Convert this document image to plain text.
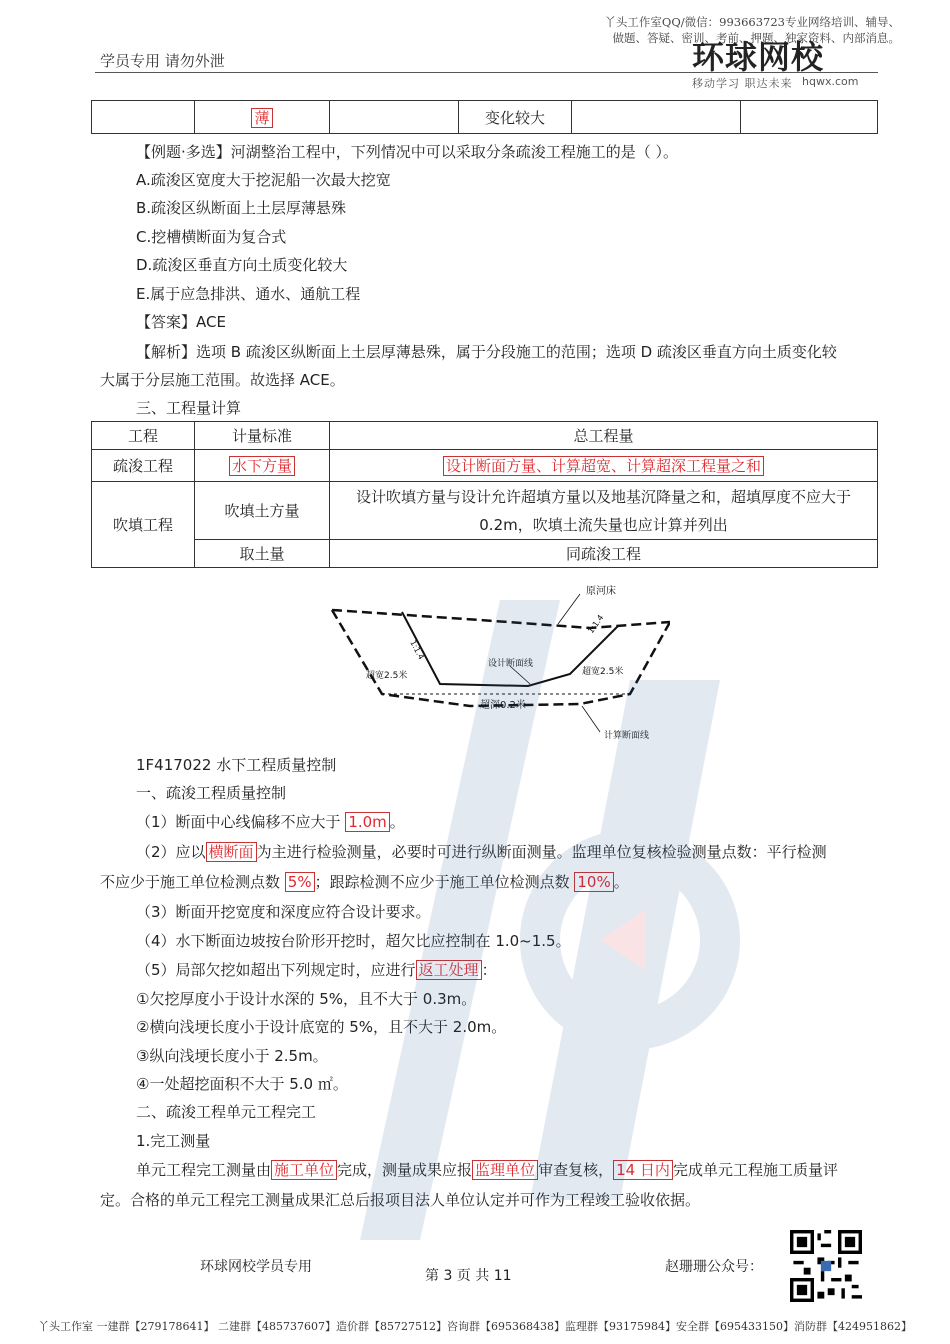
学员专用 请勿外泄
丫头工作室QQ/微信：993663723专业网络培训、辅导、
做题、答疑、密训、考前、押题、独家资料、内部消息。
环球网校
移动学习 职达未来 hqwx.com
	薄		变化较大		
【例题·多选】河湖整治工程中，下列情况中可以采取分条疏浚工程施工的是（ ）。
A.疏浚区宽度大于挖泥船一次最大挖宽
B.疏浚区纵断面上土层厚薄悬殊
C.挖槽横断面为复合式
D.疏浚区垂直方向土质变化较大
E.属于应急排洪、通水、通航工程
【答案】ACE
【解析】选项 B 疏浚区纵断面上土层厚薄悬殊，属于分段施工的范围；选项 D 疏浚区垂直方向土质变化较
大属于分层施工范围。故选择 ACE。
三、工程量计算
工程	计量标准	总工程量
疏浚工程	水下方量	设计断面方量、计算超宽、计算超深工程量之和
吹填工程	吹填土方量	设计吹填方量与设计允许超填方量以及地基沉降量之和，超填厚度不应大于
0.2m，吹填土流失量也应计算并列出

	取土量	同疏浚工程
原河床
1:1.4
1:1.4
设计断面线
超宽2.5米	超宽2.5米
超深0.2米
计算断面线
1F417022 水下工程质量控制
一、疏浚工程质量控制
（1）断面中心线偏移不应大于 1.0m 。
（2）应以 横断面 为主进行检验测量，必要时可进行纵断面测量。监理单位复核检验测量点数：平行检测
不应少于施工单位检测点数 5% ；跟踪检测不应少于施工单位检测点数 10% 。
（3）断面开挖宽度和深度应符合设计要求。
（4）水下断面边坡按台阶形开挖时，超欠比应控制在 1.0~1.5。
（5）局部欠挖如超出下列规定时，应进行 返工处理 ：
①欠挖厚度小于设计水深的 5%，且不大于 0.3m。
②横向浅埂长度小于设计底宽的 5%，且不大于 2.0m。
③纵向浅埂长度小于 2.5m。
④一处超挖面积不大于 5.0 ㎡。
二、疏浚工程单元工程完工
1.完工测量
单元工程完工测量由 施工单位 完成，测量成果应报 监理单位 审查复核， 14 日内 完成单元工程施工质量评
定。合格的单元工程完工测量成果汇总后报项目法人单位认定并可作为工程竣工验收依据。
环球网校学员专用
第 3 页 共 11
赵珊珊公众号：
丫头工作室 一建群【279178641】 二建群【485737607】造价群【85727512】咨询群【695368438】监理群【93175984】安全群【695433150】消防群【424951862】
